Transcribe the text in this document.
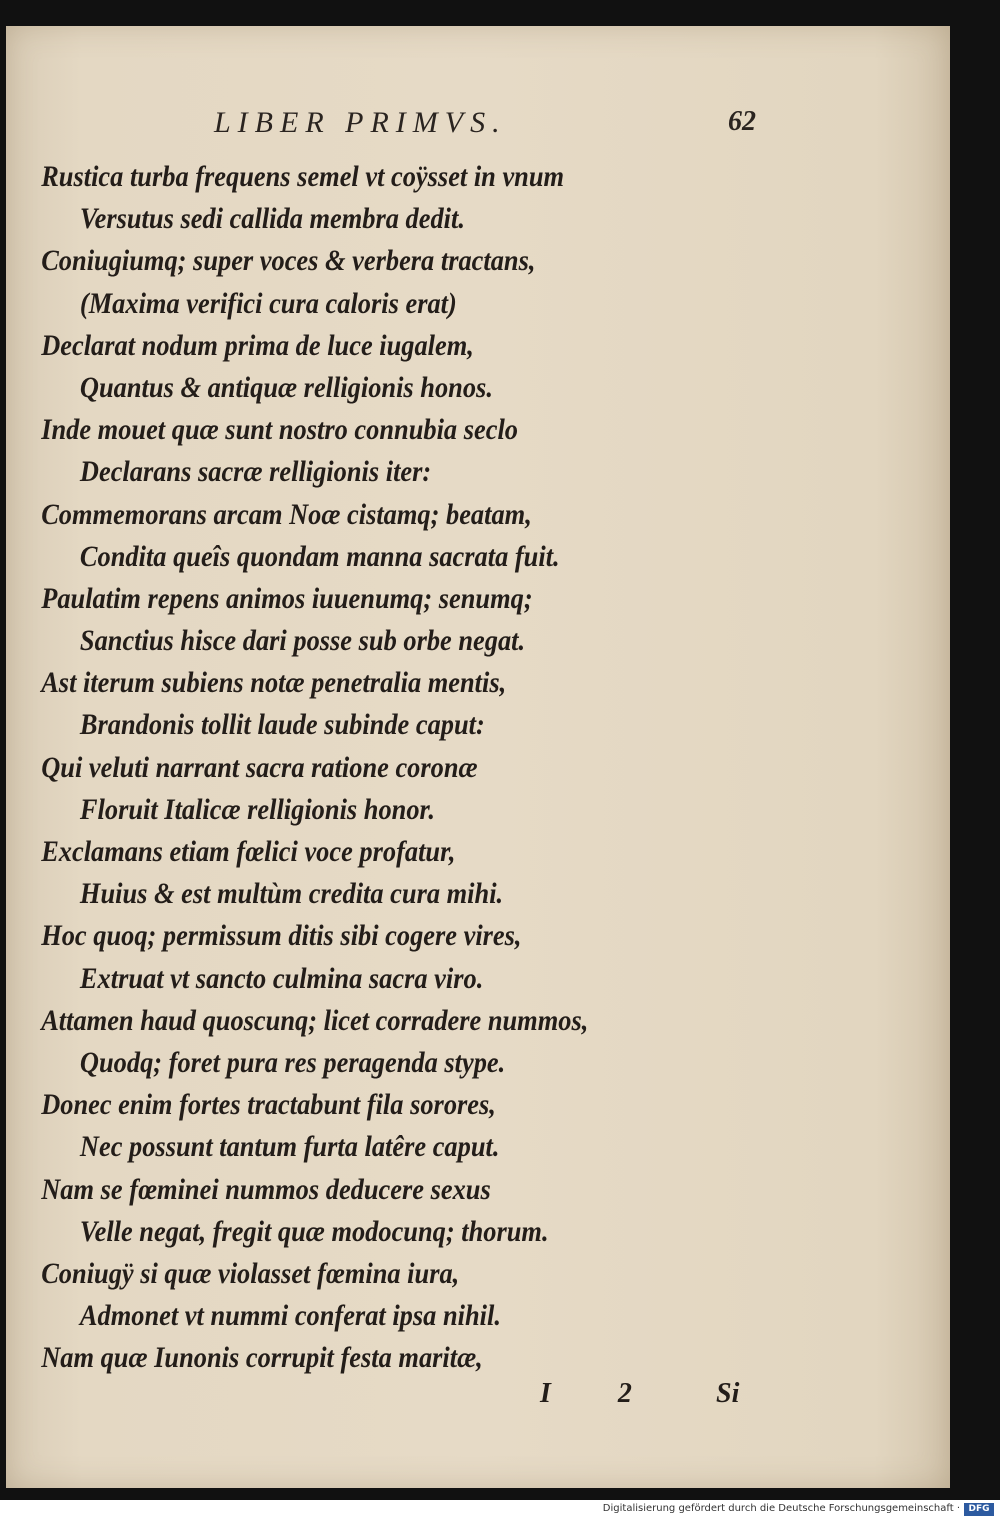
LIBER PRIMVS.	62
Rustica turba frequens semel vt coÿsset in vnum
Versutus sedi callida membra dedit.
Coniugiumq; super voces & verbera tractans,
(Maxima verifici cura caloris erat)
Declarat nodum prima de luce iugalem,
Quantus & antiquæ relligionis honos.
Inde mouet quæ sunt nostro connubia seclo
Declarans sacræ relligionis iter:
Commemorans arcam Noæ cistamq; beatam,
Condita queîs quondam manna sacrata fuit.
Paulatim repens animos iuuenumq; senumq;
Sanctius hisce dari posse sub orbe negat.
Ast iterum subiens notæ penetralia mentis,
Brandonis tollit laude subinde caput:
Qui veluti narrant sacra ratione coronæ
Floruit Italicæ relligionis honor.
Exclamans etiam fœlici voce profatur,
Huius & est multùm credita cura mihi.
Hoc quoq; permissum ditis sibi cogere vires,
Extruat vt sancto culmina sacra viro.
Attamen haud quoscunq; licet corradere nummos,
Quodq; foret pura res peragenda stype.
Donec enim fortes tractabunt fila sorores,
Nec possunt tantum furta latêre caput.
Nam se fœminei nummos deducere sexus
Velle negat, fregit quæ modocunq; thorum.
Coniugÿ si quæ violasset fœmina iura,
Admonet vt nummi conferat ipsa nihil.
Nam quæ Iunonis corrupit festa maritæ,
I 2 Si
Digitalisierung gefördert durch die Deutsche Forschungsgemeinschaft · DFG
